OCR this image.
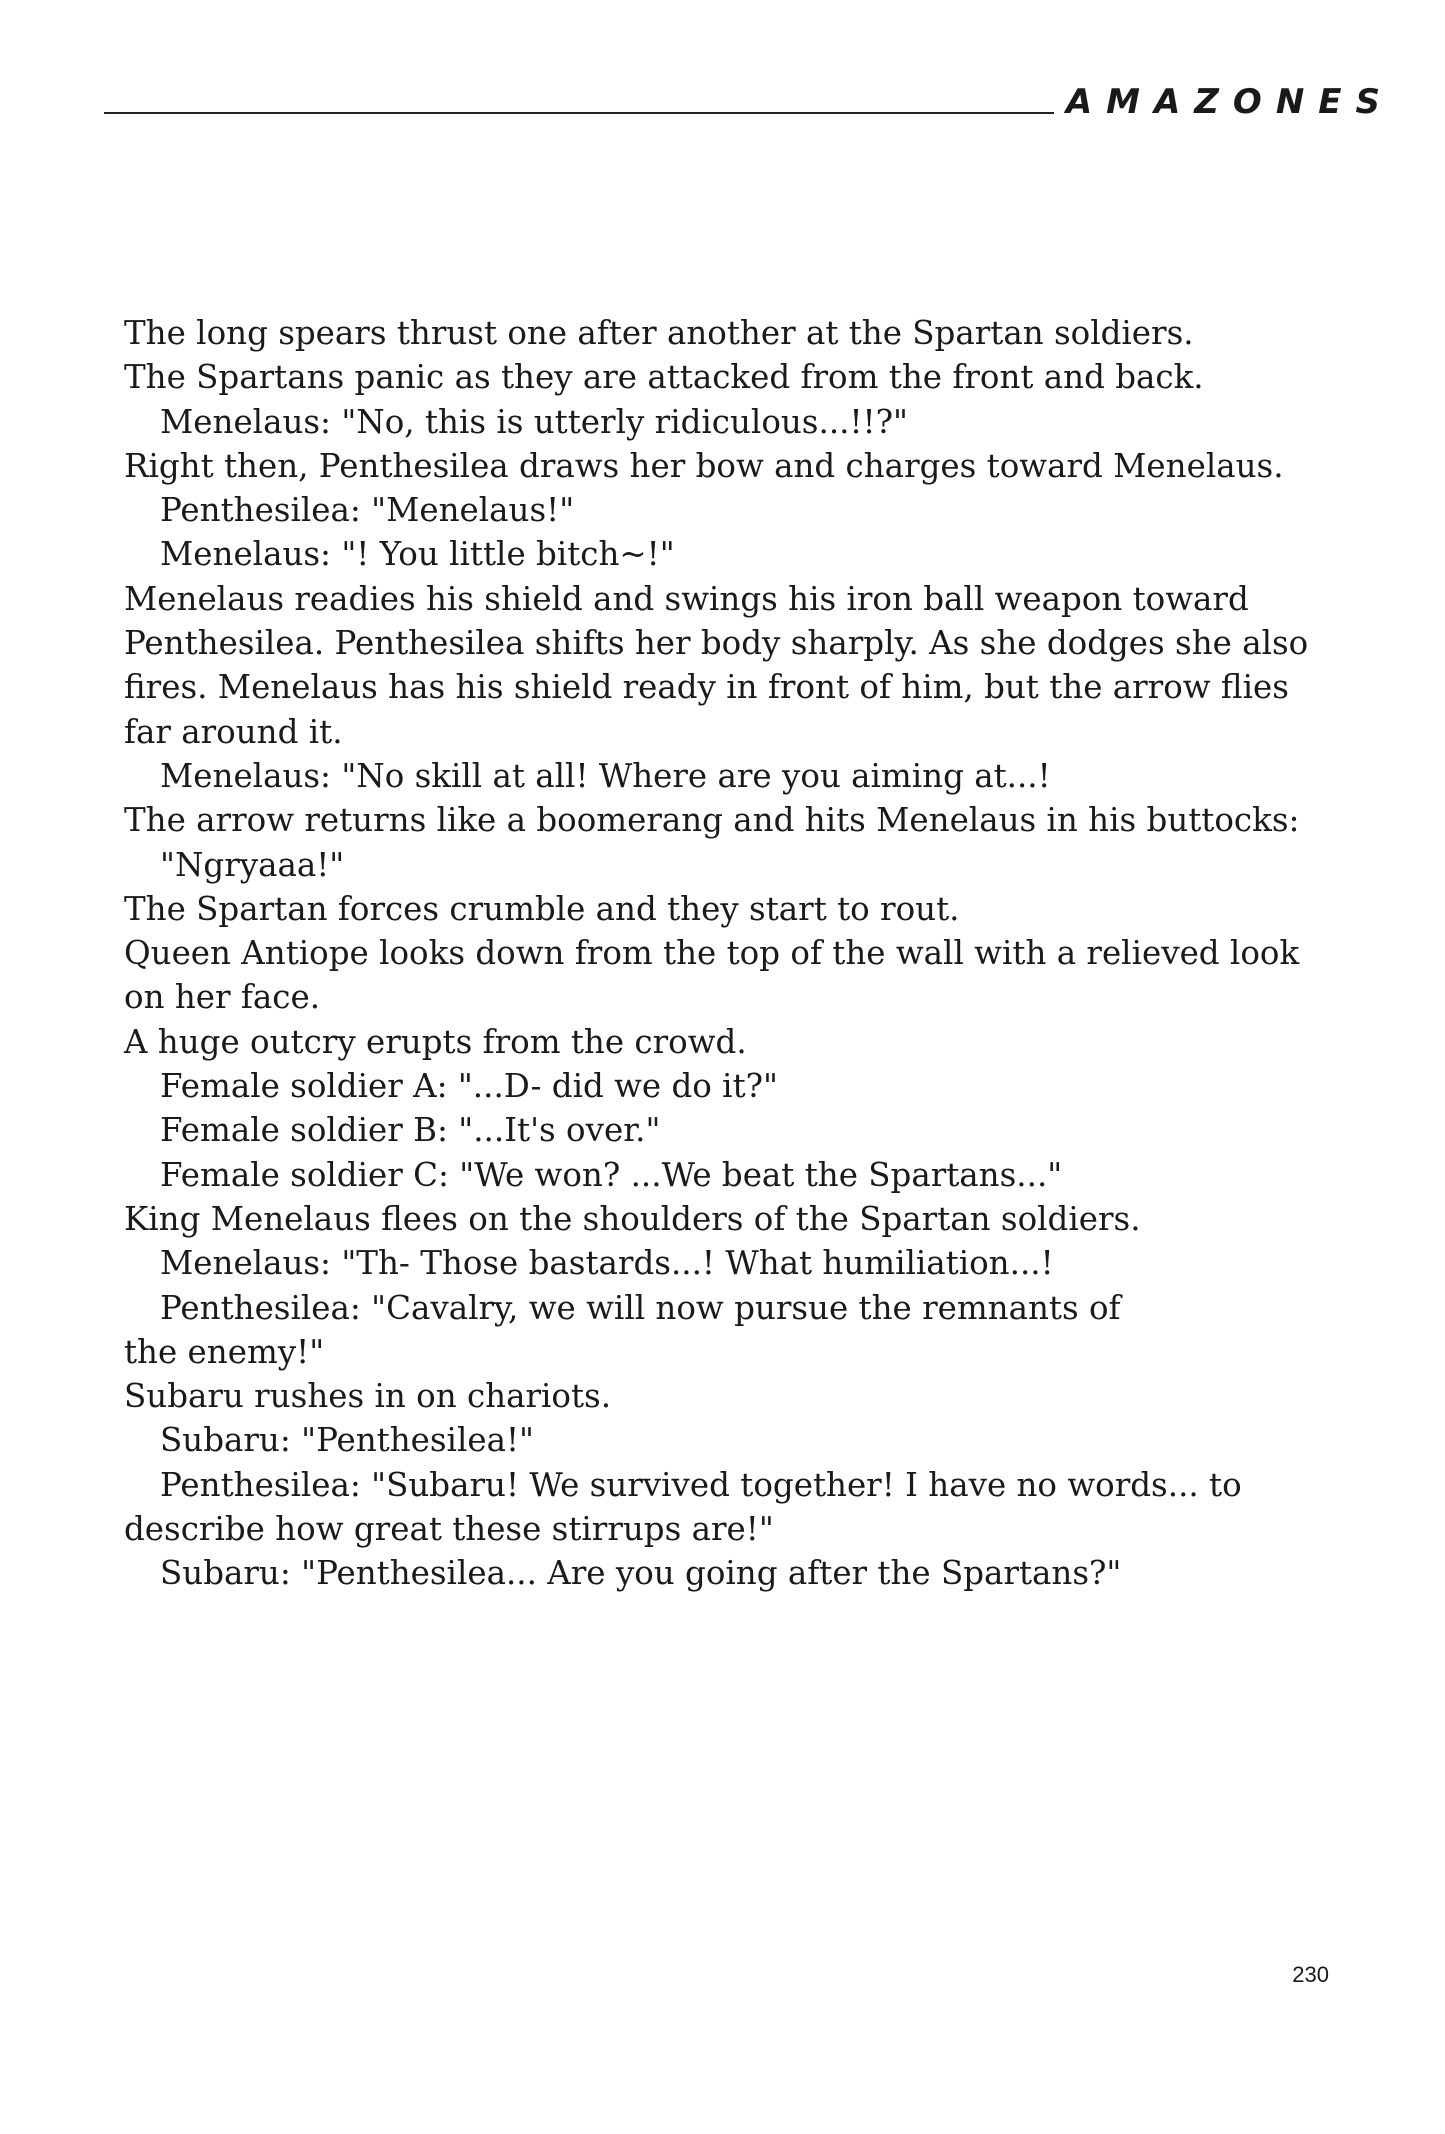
AMAZONES
The long spears thrust one after another at the Spartan soldiers.
The Spartans panic as they are attacked from the front and back.
Menelaus: "No, this is utterly ridiculous...!!?"
Right then, Penthesilea draws her bow and charges toward Menelaus.
Penthesilea: "Menelaus!"
Menelaus: "! You little bitch~!"
Menelaus readies his shield and swings his iron ball weapon toward
Penthesilea. Penthesilea shifts her body sharply. As she dodges she also
fires. Menelaus has his shield ready in front of him, but the arrow flies
far around it.
Menelaus: "No skill at all! Where are you aiming at...!
The arrow returns like a boomerang and hits Menelaus in his buttocks:
"Ngryaaa!"
The Spartan forces crumble and they start to rout.
Queen Antiope looks down from the top of the wall with a relieved look
on her face.
A huge outcry erupts from the crowd.
Female soldier A: "...D- did we do it?"
Female soldier B: "...It's over."
Female soldier C: "We won? ...We beat the Spartans..."
King Menelaus flees on the shoulders of the Spartan soldiers.
Menelaus: "Th- Those bastards...! What humiliation...!
Penthesilea: "Cavalry, we will now pursue the remnants of
the enemy!"
Subaru rushes in on chariots.
Subaru: "Penthesilea!"
Penthesilea: "Subaru! We survived together! I have no words... to
describe how great these stirrups are!"
Subaru: "Penthesilea... Are you going after the Spartans?"
230
